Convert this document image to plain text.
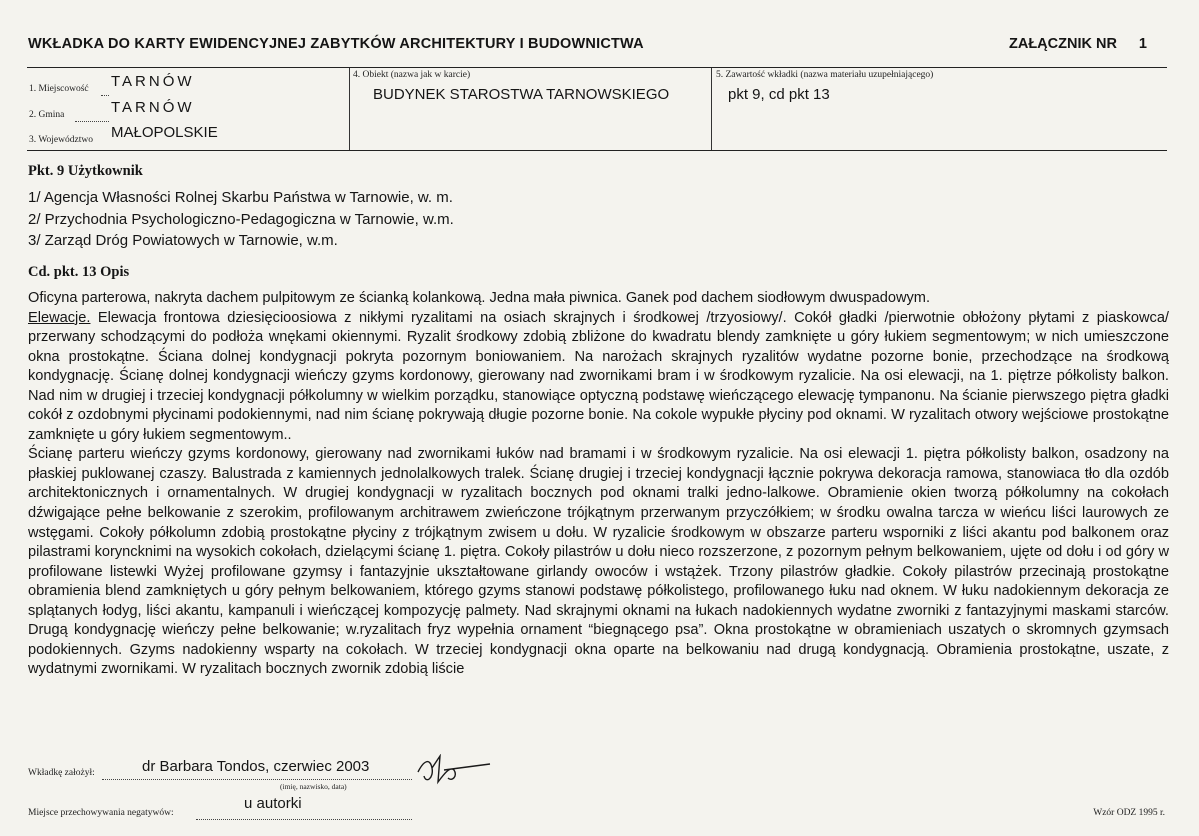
WKŁADKA DO KARTY EWIDENCYJNEJ ZABYTKÓW ARCHITEKTURY I BUDOWNICTWA	ZAŁĄCZNIK NR 1
1. Miejscowość TARNÓW
2. Gmina	TARNÓW
3. Województwo MAŁOPOLSKIE
4. Obiekt (nazwa jak w karcie)
BUDYNEK STAROSTWA TARNOWSKIEGO
5. Zawartość wkładki (nazwa materiału uzupełniającego)
pkt 9, cd pkt 13
Pkt. 9 Użytkownik
1/ Agencja Własności Rolnej Skarbu Państwa w Tarnowie, w. m.
2/ Przychodnia Psychologiczno-Pedagogiczna w Tarnowie, w.m.
3/ Zarząd Dróg Powiatowych w Tarnowie, w.m.
Cd. pkt. 13 Opis

Oficyna parterowa, nakryta dachem pulpitowym ze ścianką kolankową. Jedna mała piwnica. Ganek pod dachem siodłowym dwuspadowym.

Elewacje. Elewacja frontowa dziesięcioosiowa z nikłymi ryzalitami na osiach skrajnych i środkowej /trzyosiowy/. Cokół gładki /pierwotnie obłożony płytami z piaskowca/ przerwany schodzącymi do podłoża wnękami okiennymi. Ryzalit środkowy zdobią zbliżone do kwadratu blendy zamknięte u góry łukiem segmentowym; w nich umieszczone okna prostokątne. Ściana dolnej kondygnacji pokryta pozornym boniowaniem. Na narożach skrajnych ryzalitów wydatne pozorne bonie, przechodzące na środkową kondygnację. Ścianę dolnej kondygnacji wieńczy gzyms kordonowy, gierowany nad zwornikami bram i w środkowym ryzalicie. Na osi elewacji, na 1. piętrze półkolisty balkon. Nad nim w drugiej i trzeciej kondygnacji półkolumny w wielkim porządku, stanowiące optyczną podstawę wieńczącego elewację tympanonu. Na ścianie pierwszego piętra gładki cokół z ozdobnymi płycinami podokiennymi, nad nim ścianę pokrywają długie pozorne bonie. Na cokole wypukłe płyciny pod oknami. W ryzalitach otwory wejściowe prostokątne zamknięte u góry łukiem segmentowym..

Ścianę parteru wieńczy gzyms kordonowy, gierowany nad zwornikami łuków nad bramami i w środkowym ryzalicie. Na osi elewacji 1. piętra półkolisty balkon, osadzony na płaskiej puklowanej czaszy. Balustrada z kamiennych jednolalkowych tralek. Ścianę drugiej i trzeciej kondygnacji łącznie pokrywa dekoracja ramowa, stanowiaca tło dla ozdób architektonicznych i ornamentalnych. W drugiej kondygnacji w ryzalitach bocznych pod oknami tralki jedno-lalkowe. Obramienie okien tworzą półkolumny na cokołach dźwigające pełne belkowanie z szerokim, profilowanym architrawem zwieńczone trójkątnym przerwanym przyczółkiem; w środku owalna tarcza w wieńcu liści laurowych ze wstęgami. Cokoły półkolumn zdobią prostokątne płyciny z trójkątnym zwisem u dołu. W ryzalicie środkowym w obszarze parteru wsporniki z liści akantu pod balkonem oraz pilastrami koryncknimi na wysokich cokołach, dzielącymi ścianę 1. piętra. Cokoły pilastrów u dołu nieco rozszerzone, z pozornym pełnym belkowaniem, ujęte od dołu i od góry w profilowane listewki Wyżej profilowane gzymsy i fantazyjnie ukształtowane girlandy owoców i wstążek. Trzony pilastrów gładkie. Cokoły pilastrów przecinają prostokątne obramienia blend zamkniętych u góry pełnym belkowaniem, którego gzyms stanowi podstawę półkolistego, profilowanego łuku nad oknem. W łuku nadokiennym dekoracja ze splątanych łodyg, liści akantu, kampanuli i wieńczącej kompozycję palmety. Nad skrajnymi oknami na łukach nadokiennych wydatne zworniki z fantazyjnymi maskami starców. Drugą kondygnację wieńczy pełne belkowanie; w.ryzalitach fryz wypełnia ornament “biegnącego psa”. Okna prostokątne w obramieniach uszatych o skromnych gzymsach podokiennych. Gzyms nadokienny wsparty na cokołach. W trzeciej kondygnacji okna oparte na belkowaniu nad drugą kondygnacją. Obramienia prostokątne, uszate, z wydatnymi zwornikami. W ryzalitach bocznych zwornik zdobią liście

Wkładkę założył:	dr Barbara Tondos, czerwiec 2003
(imię, nazwisko, data)
Miejsce przechowywania negatywów:
u autorki
Wzór ODZ 1995 r.
